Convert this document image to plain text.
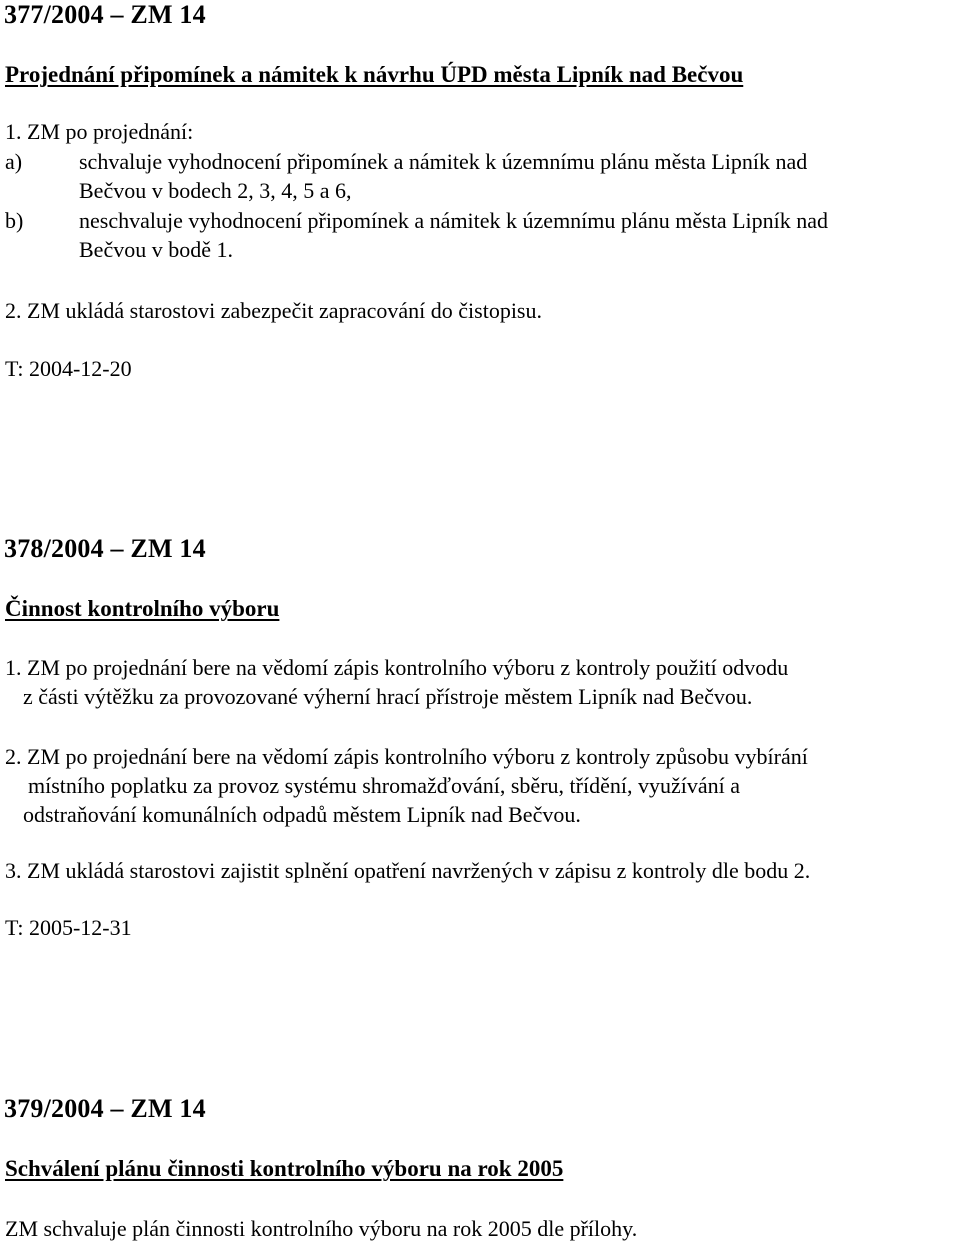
377/2004 – ZM 14
Projednání připomínek a námitek k návrhu ÚPD města Lipník nad Bečvou
1. ZM po projednání:
a)	schvaluje vyhodnocení připomínek a námitek k územnímu plánu města Lipník nad
Bečvou v bodech 2, 3, 4, 5 a 6,
b)	neschvaluje vyhodnocení připomínek a námitek k územnímu plánu města Lipník nad
Bečvou v bodě 1.
2. ZM ukládá starostovi zabezpečit zapracování do čistopisu.
T: 2004-12-20
378/2004 – ZM 14
Činnost kontrolního výboru
1. ZM po projednání bere na vědomí zápis kontrolního výboru z kontroly použití odvodu
z části výtěžku za provozované výherní hrací přístroje městem Lipník nad Bečvou.
2. ZM po projednání bere na vědomí zápis kontrolního výboru z kontroly způsobu vybírání
místního poplatku za provoz systému shromažďování, sběru, třídění, využívání a
odstraňování komunálních odpadů městem Lipník nad Bečvou.
3. ZM ukládá starostovi zajistit splnění opatření navržených v zápisu z kontroly dle bodu 2.
T: 2005-12-31
379/2004 – ZM 14
Schválení plánu činnosti kontrolního výboru na rok 2005
ZM schvaluje plán činnosti kontrolního výboru na rok 2005 dle přílohy.
